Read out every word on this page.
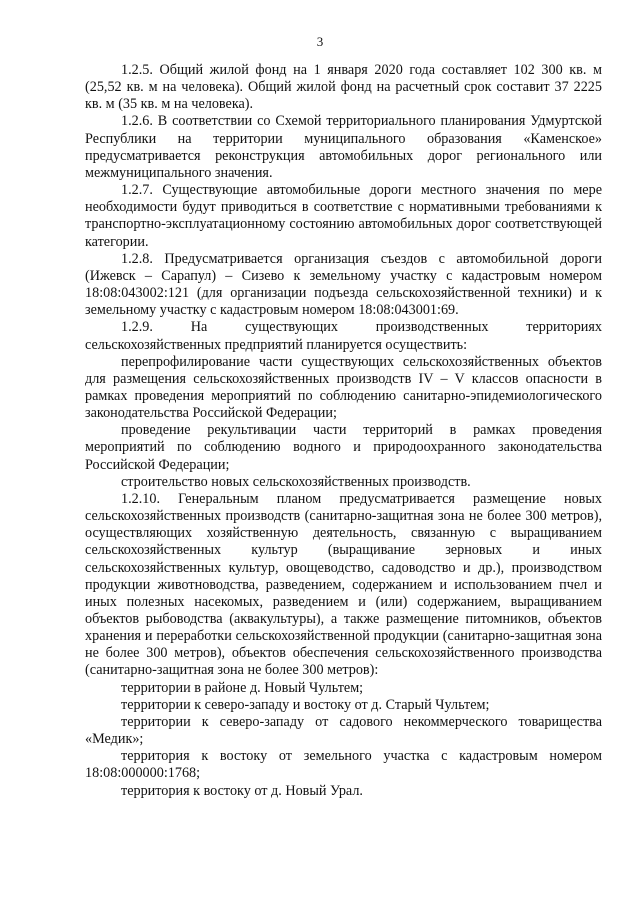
3

1.2.5. Общий жилой фонд на 1 января 2020 года составляет 102 300 кв. м (25,52 кв. м на человека). Общий жилой фонд на расчетный срок составит 37 2225 кв. м (35 кв. м на человека).

1.2.6. В соответствии со Схемой территориального планирования Удмуртской Республики на территории муниципального образования «Каменское» предусматривается реконструкция автомобильных дорог регионального или межмуниципального значения.

1.2.7. Существующие автомобильные дороги местного значения по мере необходимости будут приводиться в соответствие с нормативными требованиями к транспортно-эксплуатационному состоянию автомобильных дорог соответствующей категории.

1.2.8. Предусматривается организация съездов с автомобильной дороги (Ижевск – Сарапул) – Сизево к земельному участку с кадастровым номером 18:08:043002:121 (для организации подъезда сельскохозяйственной техники) и к земельному участку с кадастровым номером 18:08:043001:69.

1.2.9. На существующих производственных территориях сельскохозяйственных предприятий планируется осуществить:

перепрофилирование части существующих сельскохозяйственных объектов для размещения сельскохозяйственных производств IV – V классов опасности в рамках проведения мероприятий по соблюдению санитарно-эпидемиологического законодательства Российской Федерации;

проведение рекультивации части территорий в рамках проведения мероприятий по соблюдению водного и природоохранного законодательства Российской Федерации;

строительство новых сельскохозяйственных производств.

1.2.10. Генеральным планом предусматривается размещение новых сельскохозяйственных производств (санитарно-защитная зона не более 300 метров), осуществляющих хозяйственную деятельность, связанную с выращиванием сельскохозяйственных культур (выращивание зерновых и иных сельскохозяйственных культур, овощеводство, садоводство и др.), производством продукции животноводства, разведением, содержанием и использованием пчел и иных полезных насекомых, разведением и (или) содержанием, выращиванием объектов рыбоводства (аквакультуры), а также размещение питомников, объектов хранения и переработки сельскохозяйственной продукции (санитарно-защитная зона не более 300 метров), объектов обеспечения сельскохозяйственного производства (санитарно-защитная зона не более 300 метров):

территории в районе д. Новый Чультем;

территории к северо-западу и востоку от д. Старый Чультем;

территории к северо-западу от садового некоммерческого товарищества «Медик»;

территория к востоку от земельного участка с кадастровым номером 18:08:000000:1768;

территория к востоку от д. Новый Урал.
